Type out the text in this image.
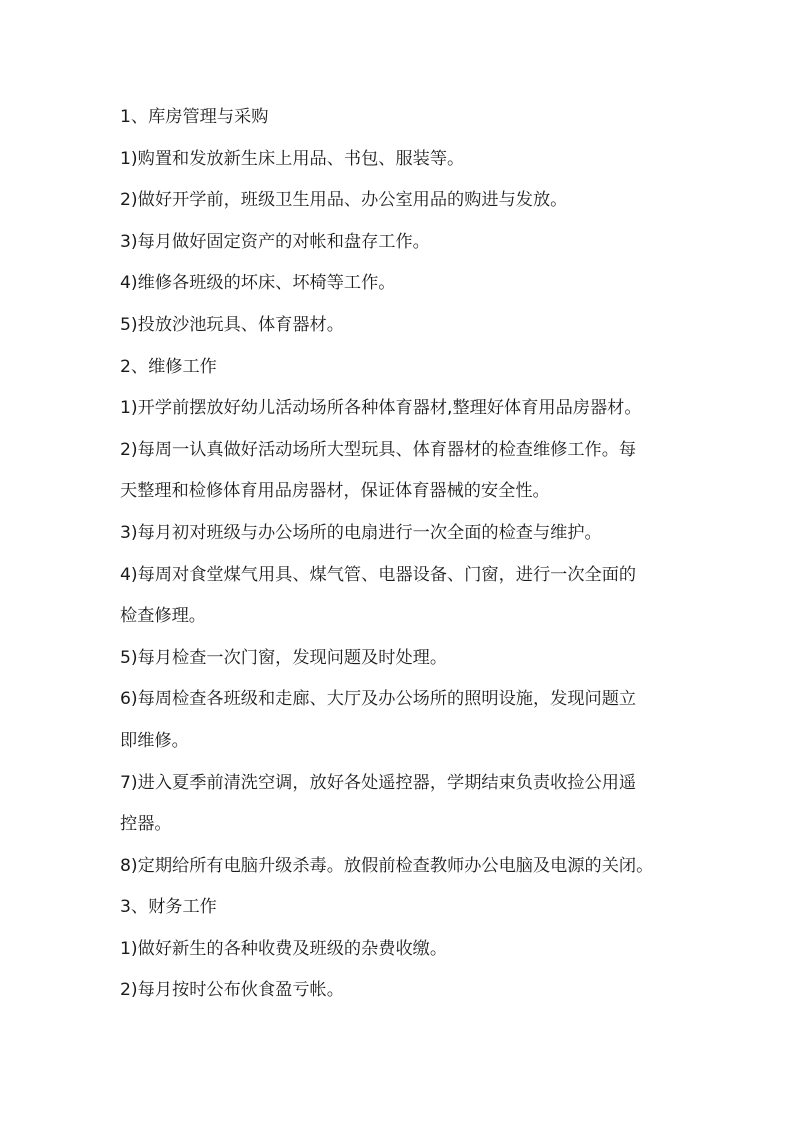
1、库房管理与采购

1)购置和发放新生床上用品、书包、服装等。

2)做好开学前，班级卫生用品、办公室用品的购进与发放。

3)每月做好固定资产的对帐和盘存工作。

4)维修各班级的坏床、坏椅等工作。

5)投放沙池玩具、体育器材。

2、维修工作

1)开学前摆放好幼儿活动场所各种体育器材,整理好体育用品房器材。

2)每周一认真做好活动场所大型玩具、体育器材的检查维修工作。每

天整理和检修体育用品房器材，保证体育器械的安全性。

3)每月初对班级与办公场所的电扇进行一次全面的检查与维护。

4)每周对食堂煤气用具、煤气管、电器设备、门窗，进行一次全面的

检查修理。

5)每月检查一次门窗，发现问题及时处理。

6)每周检查各班级和走廊、大厅及办公场所的照明设施，发现问题立

即维修。

7)进入夏季前清洗空调，放好各处遥控器，学期结束负责收捡公用遥

控器。

8)定期给所有电脑升级杀毒。放假前检查教师办公电脑及电源的关闭。

3、财务工作

1)做好新生的各种收费及班级的杂费收缴。

2)每月按时公布伙食盈亏帐。
